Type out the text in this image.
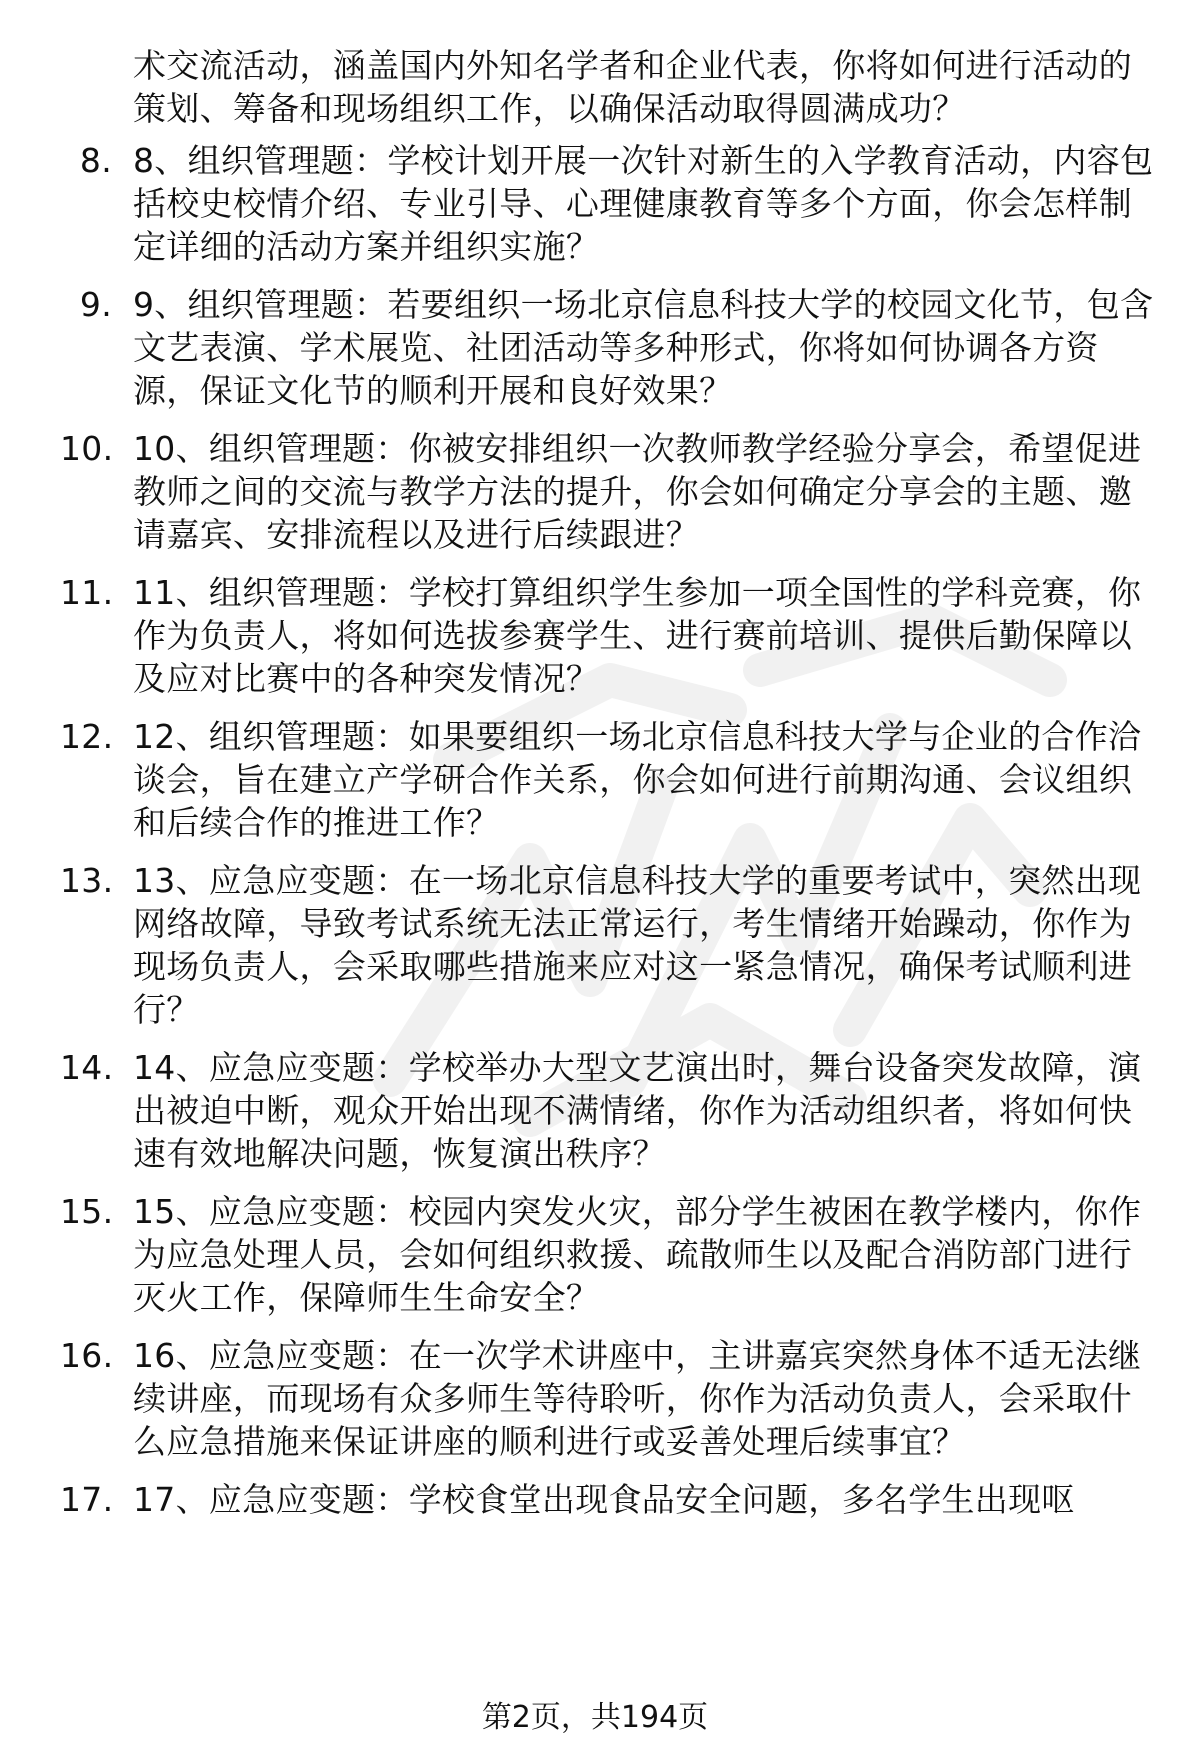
术交流活动，涵盖国内外知名学者和企业代表，你将如何进行活动的策划、筹备和现场组织工作，以确保活动取得圆满成功？

8. 8、组织管理题：学校计划开展一次针对新生的入学教育活动，内容包括校史校情介绍、专业引导、心理健康教育等多个方面，你会怎样制定详细的活动方案并组织实施？
9. 9、组织管理题：若要组织一场北京信息科技大学的校园文化节，包含文艺表演、学术展览、社团活动等多种形式，你将如何协调各方资源，保证文化节的顺利开展和良好效果？
10. 10、组织管理题：你被安排组织一次教师教学经验分享会，希望促进教师之间的交流与教学方法的提升，你会如何确定分享会的主题、邀请嘉宾、安排流程以及进行后续跟进？
11. 11、组织管理题：学校打算组织学生参加一项全国性的学科竞赛，你作为负责人，将如何选拔参赛学生、进行赛前培训、提供后勤保障以及应对比赛中的各种突发情况？
12. 12、组织管理题：如果要组织一场北京信息科技大学与企业的合作洽谈会，旨在建立产学研合作关系，你会如何进行前期沟通、会议组织和后续合作的推进工作？
13. 13、应急应变题：在一场北京信息科技大学的重要考试中，突然出现网络故障，导致考试系统无法正常运行，考生情绪开始躁动，你作为现场负责人，会采取哪些措施来应对这一紧急情况，确保考试顺利进行？
14. 14、应急应变题：学校举办大型文艺演出时，舞台设备突发故障，演出被迫中断，观众开始出现不满情绪，你作为活动组织者，将如何快速有效地解决问题，恢复演出秩序？
15. 15、应急应变题：校园内突发火灾，部分学生被困在教学楼内，你作为应急处理人员，会如何组织救援、疏散师生以及配合消防部门进行灭火工作，保障师生生命安全？
16. 16、应急应变题：在一次学术讲座中，主讲嘉宾突然身体不适无法继续讲座，而现场有众多师生等待聆听，你作为活动负责人，会采取什么应急措施来保证讲座的顺利进行或妥善处理后续事宜？
17. 17、应急应变题：学校食堂出现食品安全问题，多名学生出现呕
第2页，共194页
